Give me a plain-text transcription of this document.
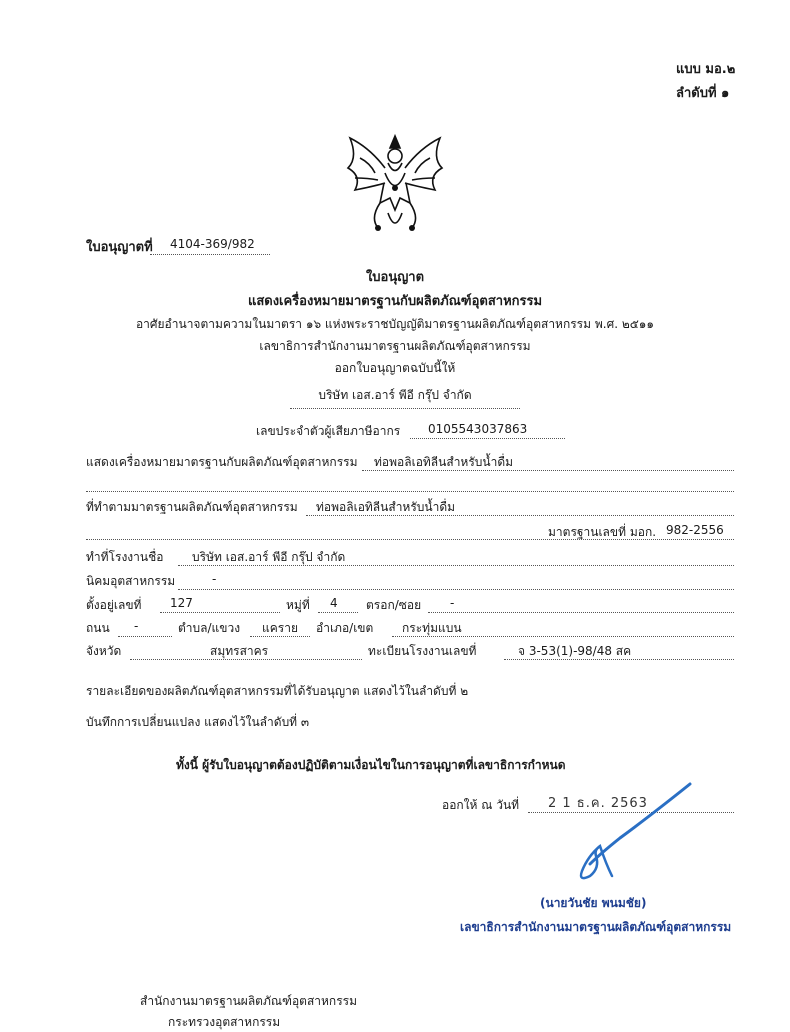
แบบ มอ.๒
ลำดับที่ ๑
ใบอนุญาตที่ 4104-369/982
ใบอนุญาต
แสดงเครื่องหมายมาตรฐานกับผลิตภัณฑ์อุตสาหกรรม
อาศัยอำนาจตามความในมาตรา ๑๖ แห่งพระราชบัญญัติมาตรฐานผลิตภัณฑ์อุตสาหกรรม พ.ศ. ๒๕๑๑
เลขาธิการสำนักงานมาตรฐานผลิตภัณฑ์อุตสาหกรรม
ออกใบอนุญาตฉบับนี้ให้
บริษัท เอส.อาร์ พีอี กรุ๊ป จำกัด
เลขประจำตัวผู้เสียภาษีอากร 0105543037863
แสดงเครื่องหมายมาตรฐานกับผลิตภัณฑ์อุตสาหกรรม ท่อพอลิเอทิลีนสำหรับน้ำดื่ม
ที่ทำตามมาตรฐานผลิตภัณฑ์อุตสาหกรรม ท่อพอลิเอทิลีนสำหรับน้ำดื่ม
มาตรฐานเลขที่ มอก. 982-2556
ทำที่โรงงานชื่อ บริษัท เอส.อาร์ พีอี กรุ๊ป จำกัด
นิคมอุตสาหกรรม	-
ตั้งอยู่เลขที่ 127	หมู่ที่ 4 ตรอก/ซอย -
ถนน -	ตำบล/แขวง แคราย อำเภอ/เขต กระทุ่มแบน
จังหวัด	สมุทรสาคร	ทะเบียนโรงงานเลขที่	จ 3-53(1)-98/48 สค
รายละเอียดของผลิตภัณฑ์อุตสาหกรรมที่ได้รับอนุญาต แสดงไว้ในลำดับที่ ๒
บันทึกการเปลี่ยนแปลง แสดงไว้ในลำดับที่ ๓
ทั้งนี้ ผู้รับใบอนุญาตต้องปฏิบัติตามเงื่อนไขในการอนุญาตที่เลขาธิการกำหนด
ออกให้ ณ วันที่ 2 1 ธ.ค. 2563
(นายวันชัย พนมชัย)
เลขาธิการสำนักงานมาตรฐานผลิตภัณฑ์อุตสาหกรรม
สำนักงานมาตรฐานผลิตภัณฑ์อุตสาหกรรม
กระทรวงอุตสาหกรรม
